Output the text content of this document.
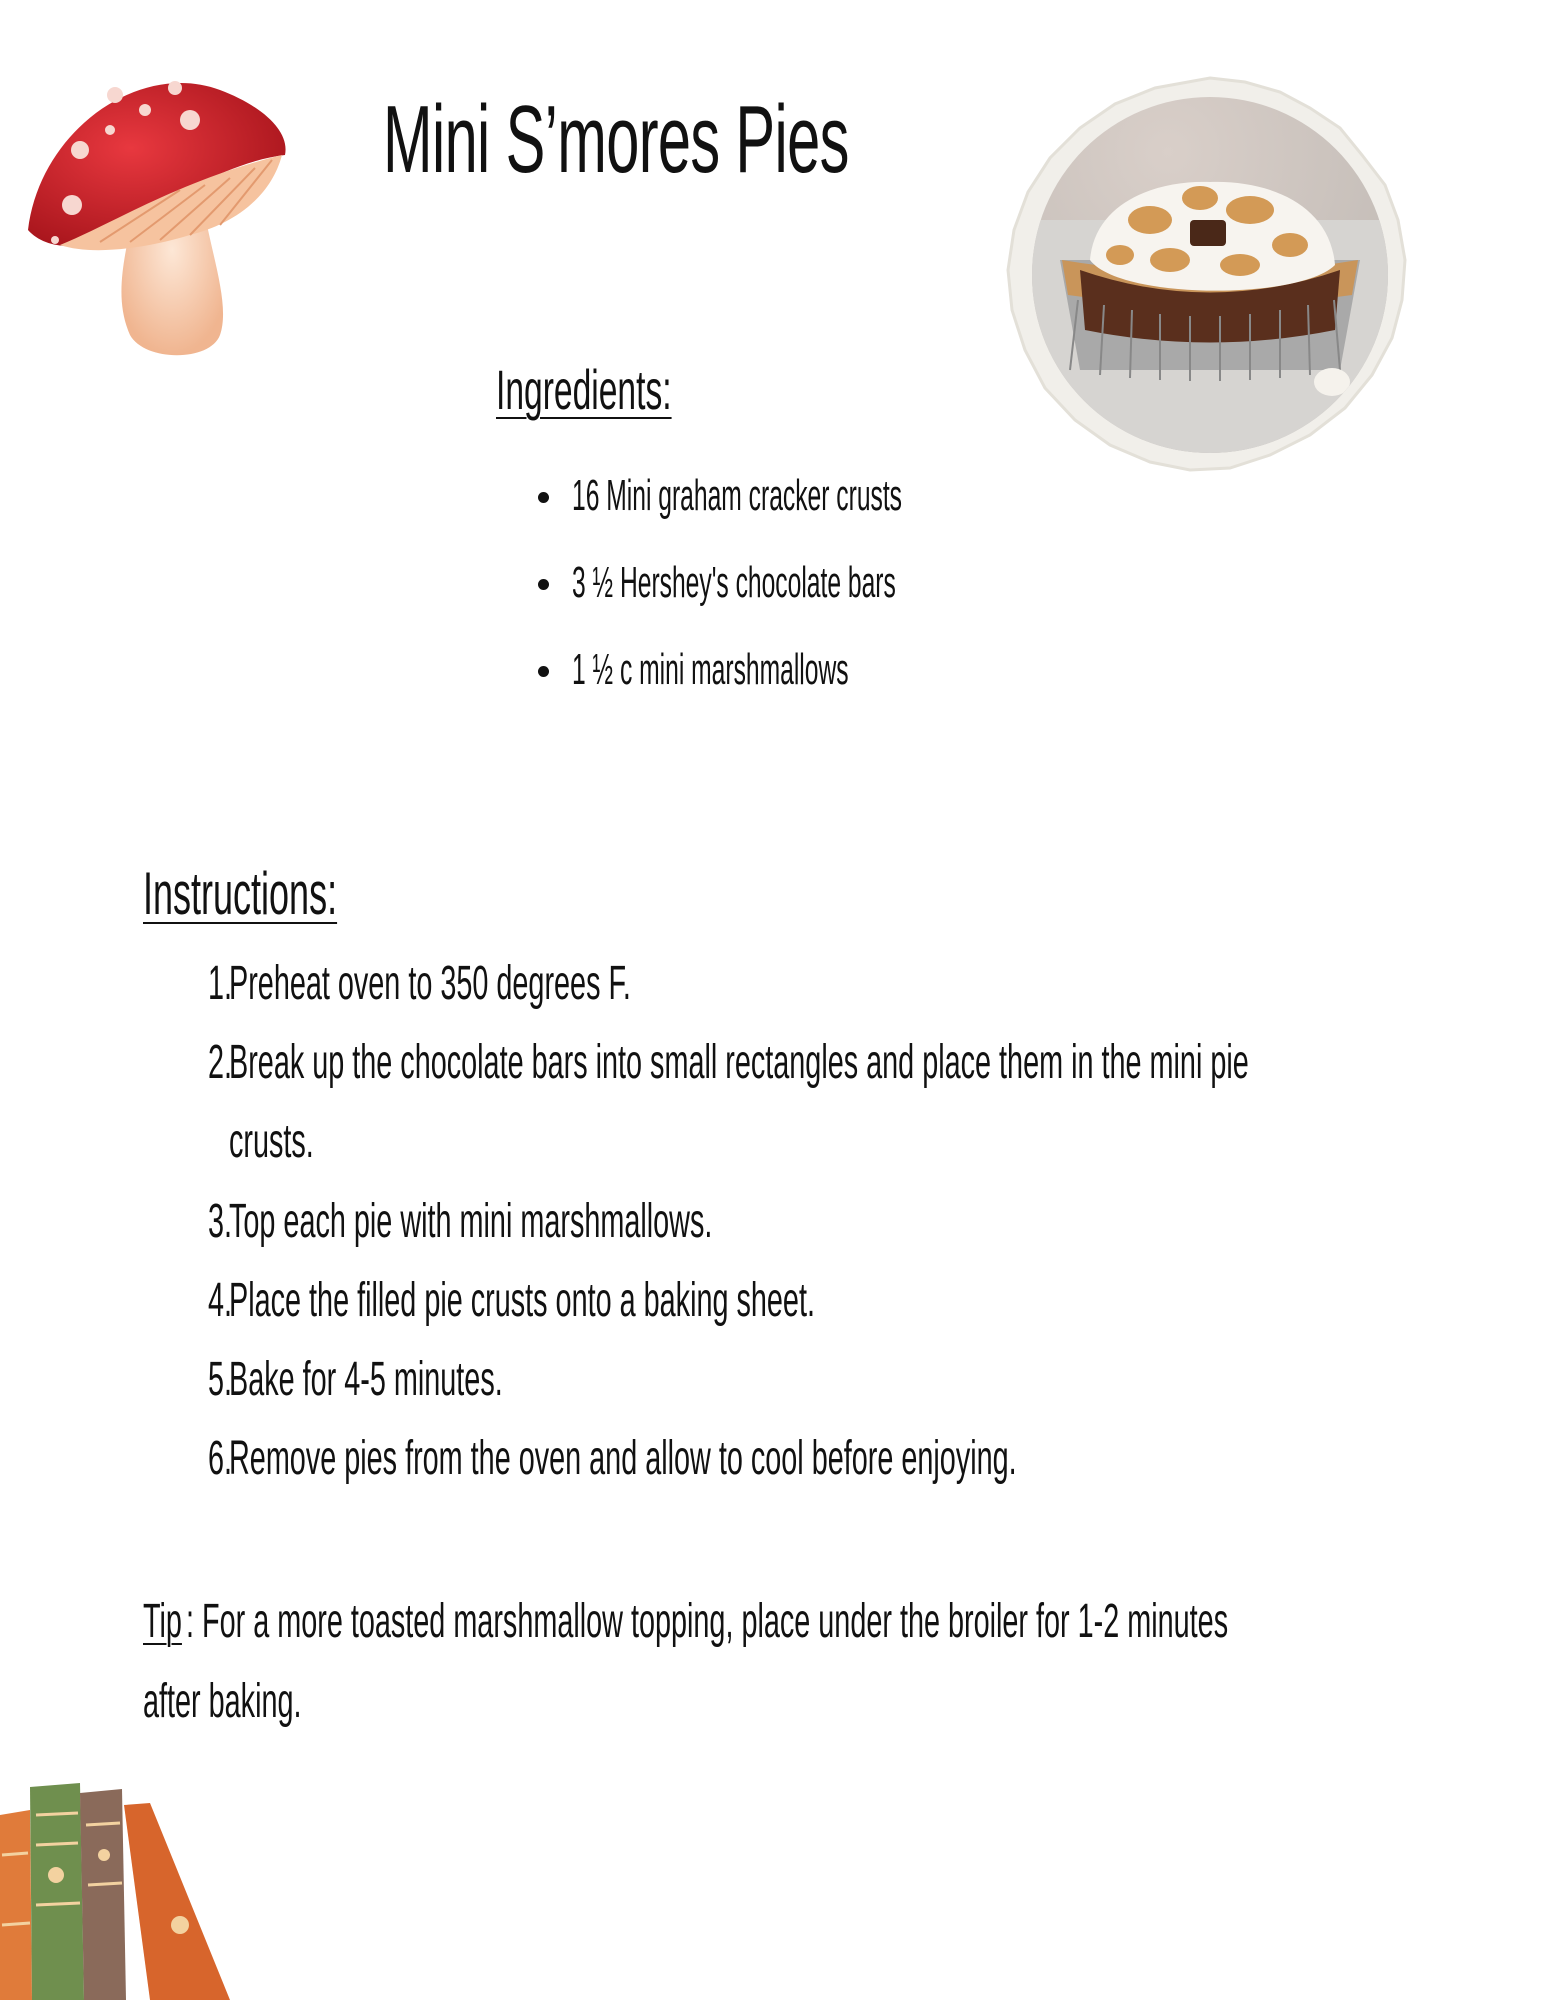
Mini S’mores Pies
Ingredients:
16 Mini graham cracker crusts
3 ½ Hershey's chocolate bars
1 ½ c mini marshmallows
Instructions:
1.
Preheat oven to 350 degrees F.
2.
Break up the chocolate bars into small rectangles and place them in the mini pie
crusts.
3.
Top each pie with mini marshmallows.
4.
Place the filled pie crusts onto a baking sheet.
5.
Bake for 4-5 minutes.
6.
Remove pies from the oven and allow to cool before enjoying.
Tip : For a more toasted marshmallow topping, place under the broiler for 1-2 minutes
after baking.
